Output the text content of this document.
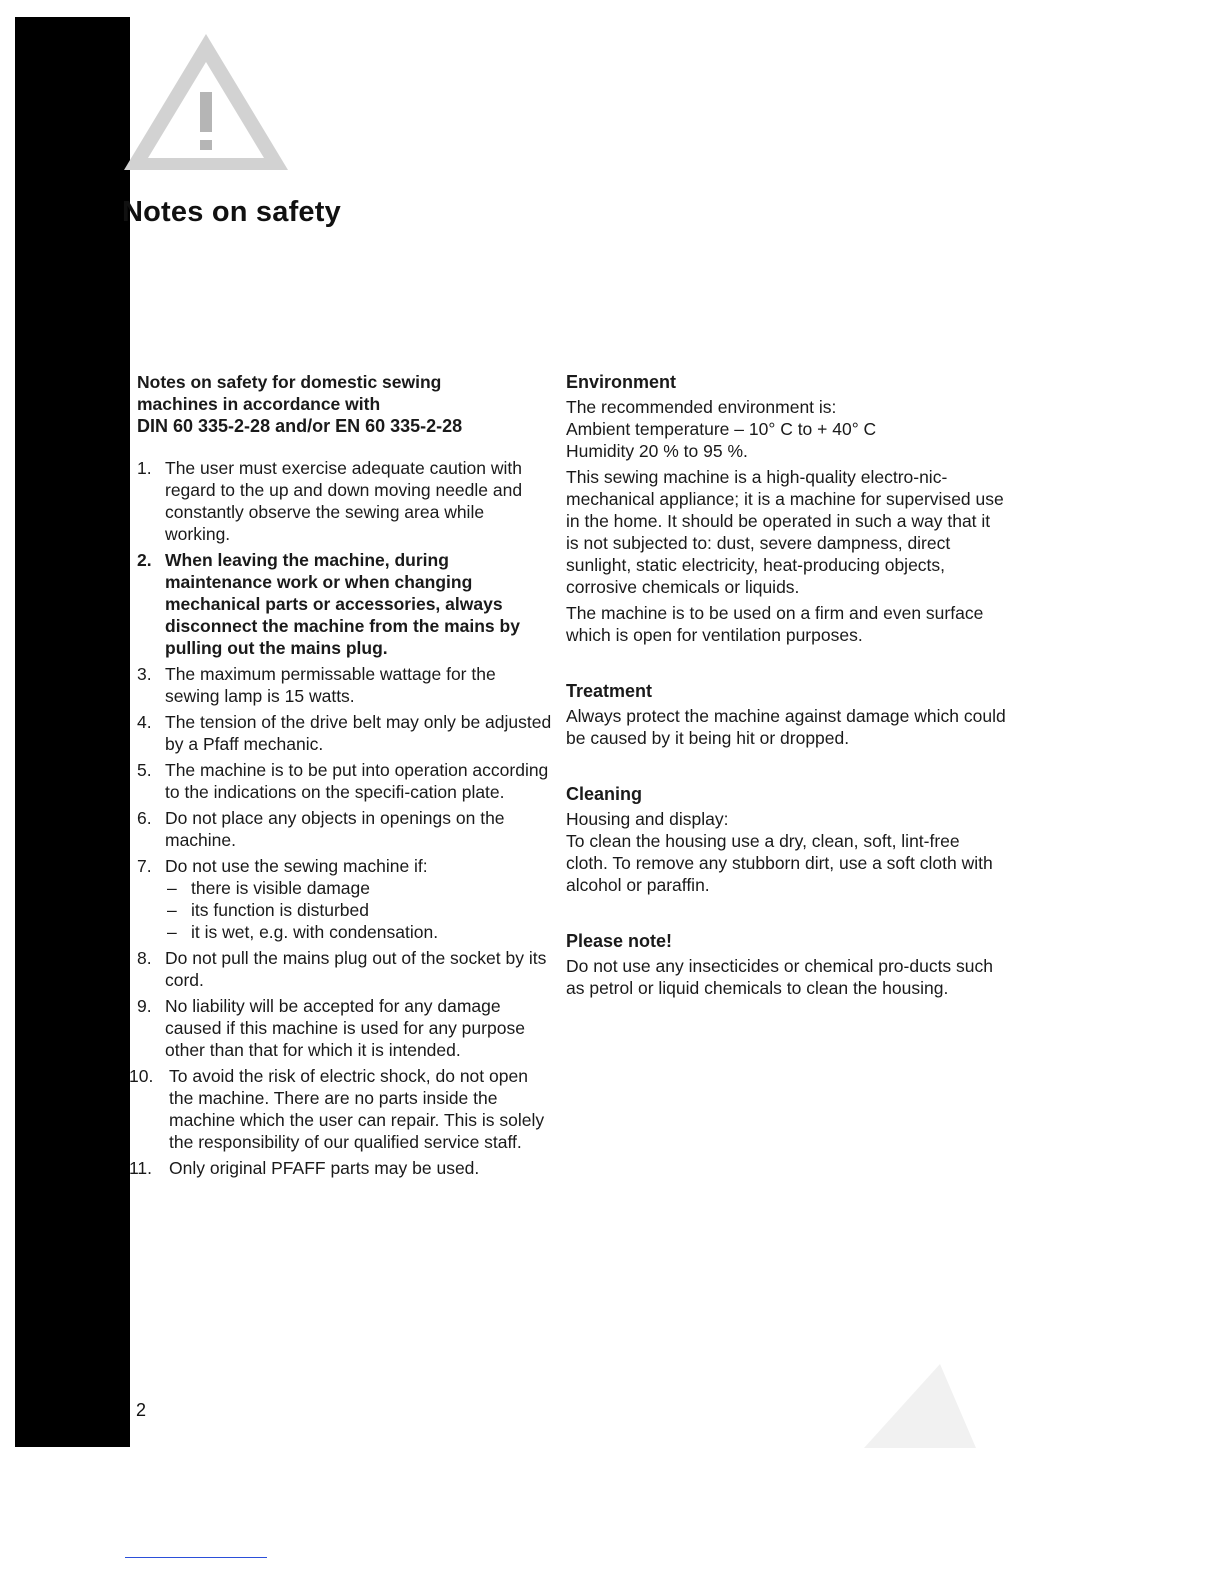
Notes on safety
Notes on safety for domestic sewing
machines in accordance with
DIN 60 335-2-28 and/or EN 60 335-2-28
1. The user must exercise adequate caution with regard to the up and down moving needle and constantly observe the sewing area while working.
2. When leaving the machine, during maintenance work or when changing mechanical parts or accessories, always disconnect the machine from the mains by pulling out the mains plug.
3. The maximum permissable wattage for the sewing lamp is 15 watts.
4. The tension of the drive belt may only be adjusted by a Pfaff mechanic.
5. The machine is to be put into operation according to the indications on the specifi-cation plate.
6. Do not place any objects in openings on the machine.
7. Do not use the sewing machine if:
– there is visible damage
– its function is disturbed
– it is wet, e.g. with condensation.
8. Do not pull the mains plug out of the socket by its cord.
9. No liability will be accepted for any damage caused if this machine is used for any purpose other than that for which it is intended.
10. To avoid the risk of electric shock, do not open the machine. There are no parts inside the machine which the user can repair. This is solely the responsibility of our qualified service staff.
11. Only original PFAFF parts may be used.
Environment

The recommended environment is:
Ambient temperature – 10° C to + 40° C
Humidity 20 % to 95 %.

This sewing machine is a high-quality electro-nic-mechanical appliance; it is a machine for supervised use in the home. It should be operated in such a way that it is not subjected to: dust, severe dampness, direct sunlight, static electricity, heat-producing objects, corrosive chemicals or liquids.

The machine is to be used on a firm and even surface which is open for ventilation purposes.

Treatment

Always protect the machine against damage which could be caused by it being hit or dropped.

Cleaning

Housing and display:
To clean the housing use a dry, clean, soft, lint-free cloth. To remove any stubborn dirt, use a soft cloth with alcohol or paraffin.

Please note!

Do not use any insecticides or chemical pro-ducts such as petrol or liquid chemicals to clean the housing.

2
